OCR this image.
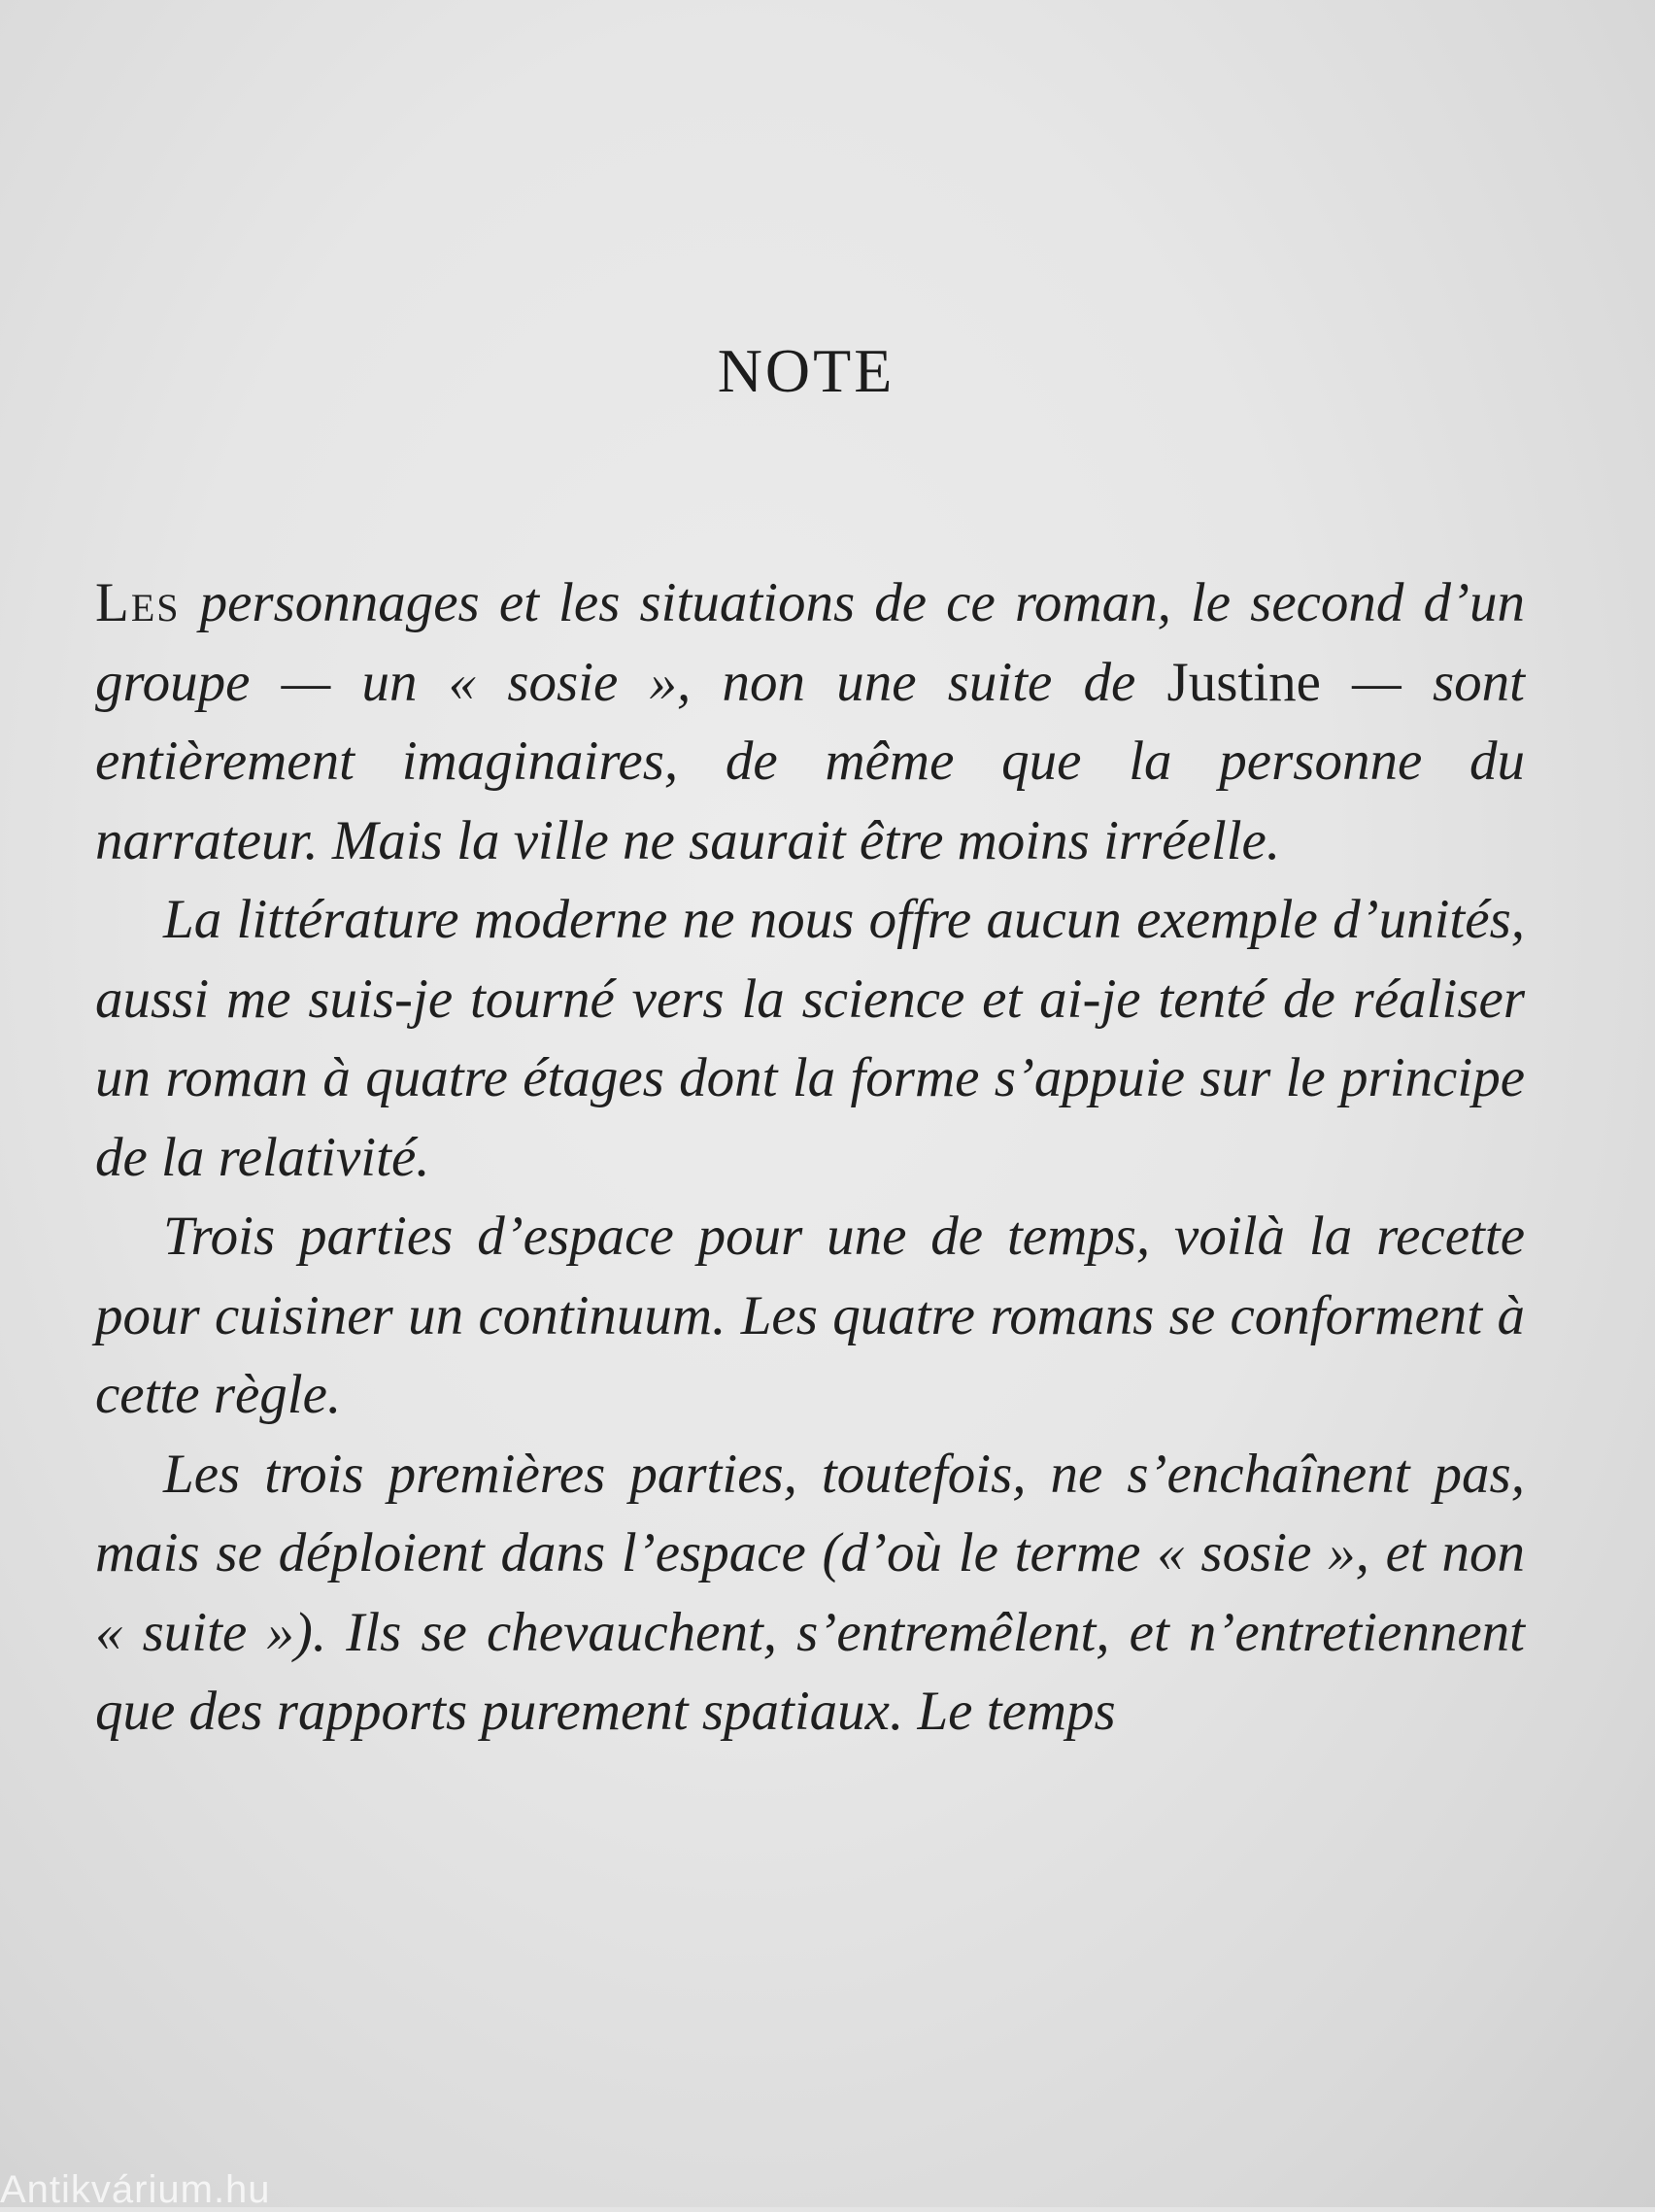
NOTE

Les personnages et les situations de ce roman, le second d’un groupe — un « sosie », non une suite de Justine — sont entièrement imaginaires, de même que la personne du narrateur. Mais la ville ne saurait être moins irréelle.

La littérature moderne ne nous offre aucun exemple d’unités, aussi me suis-je tourné vers la science et ai-je tenté de réaliser un roman à quatre étages dont la forme s’appuie sur le principe de la relativité.

Trois parties d’espace pour une de temps, voilà la recette pour cuisiner un continuum. Les quatre romans se conforment à cette règle.

Les trois premières parties, toutefois, ne s’enchaînent pas, mais se déploient dans l’espace (d’où le terme « sosie », et non « suite »). Ils se chevauchent, s’entremêlent, et n’entretiennent que des rapports purement spatiaux. Le temps

Antikvárium.hu
